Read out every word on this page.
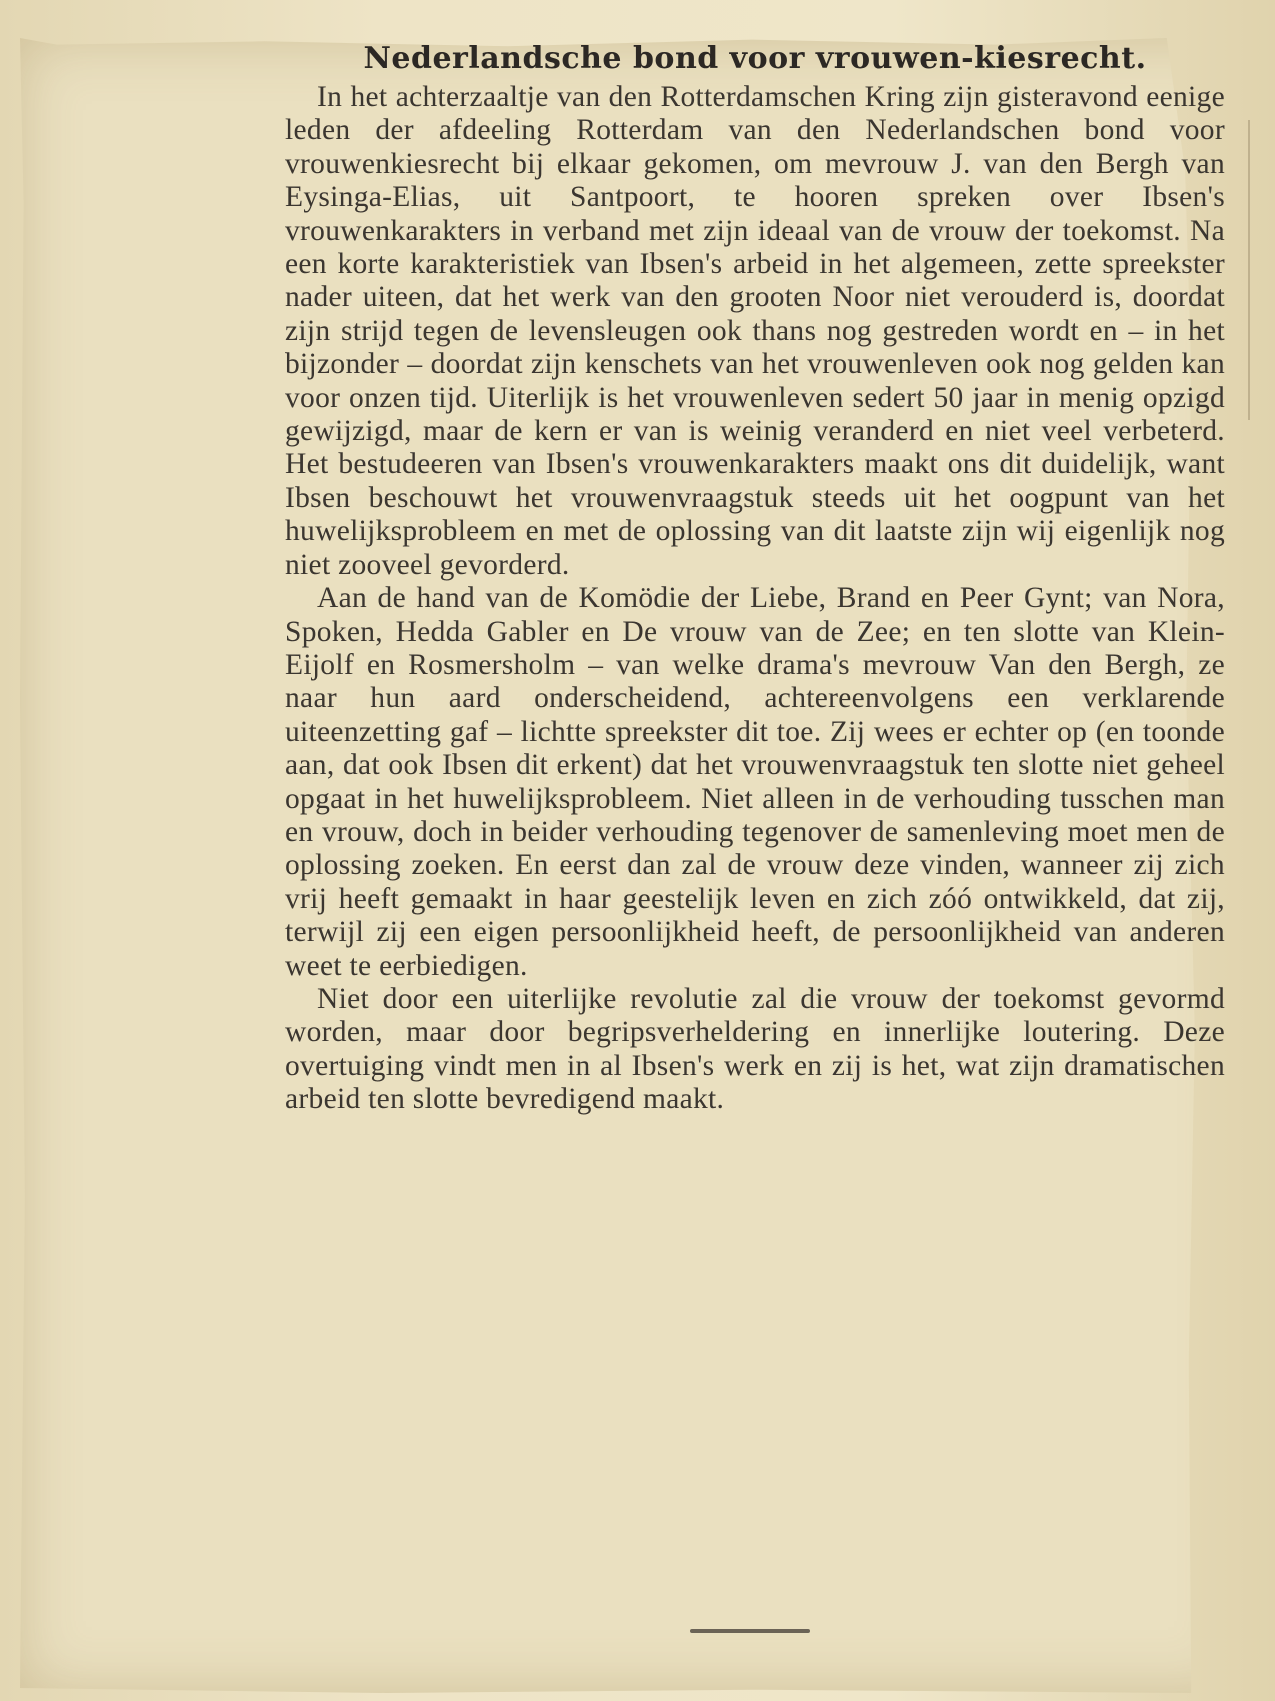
Nederlandsche bond voor vrouwen-kiesrecht.

In het achterzaaltje van den Rotterdamschen Kring zijn gisteravond eenige leden der afdeeling Rotterdam van den Nederlandschen bond voor vrouwenkiesrecht bij elkaar gekomen, om mevrouw J. van den Bergh van Eysinga-Elias, uit Santpoort, te hooren spreken over Ibsen's vrouwenkarakters in verband met zijn ideaal van de vrouw der toekomst. Na een korte karakteristiek van Ibsen's arbeid in het algemeen, zette spreekster nader uiteen, dat het werk van den grooten Noor niet verouderd is, doordat zijn strijd tegen de levensleugen ook thans nog gestreden wordt en – in het bijzonder – doordat zijn kenschets van het vrouwenleven ook nog gelden kan voor onzen tijd. Uiterlijk is het vrouwenleven sedert 50 jaar in menig opzigd gewijzigd, maar de kern er van is weinig veranderd en niet veel verbeterd. Het bestudeeren van Ibsen's vrouwenkarakters maakt ons dit duidelijk, want Ibsen beschouwt het vrouwenvraagstuk steeds uit het oogpunt van het huwelijksprobleem en met de oplossing van dit laatste zijn wij eigenlijk nog niet zooveel gevorderd.

Aan de hand van de Komödie der Liebe, Brand en Peer Gynt; van Nora, Spoken, Hedda Gabler en De vrouw van de Zee; en ten slotte van Klein-Eijolf en Rosmersholm – van welke drama's mevrouw Van den Bergh, ze naar hun aard onderscheidend, achtereenvolgens een verklarende uiteenzetting gaf – lichtte spreekster dit toe. Zij wees er echter op (en toonde aan, dat ook Ibsen dit erkent) dat het vrouwenvraagstuk ten slotte niet geheel opgaat in het huwelijksprobleem. Niet alleen in de verhouding tusschen man en vrouw, doch in beider verhouding tegenover de samenleving moet men de oplossing zoeken. En eerst dan zal de vrouw deze vinden, wanneer zij zich vrij heeft gemaakt in haar geestelijk leven en zich zóó ontwikkeld, dat zij, terwijl zij een eigen persoonlijkheid heeft, de persoonlijkheid van anderen weet te eerbiedigen.

Niet door een uiterlijke revolutie zal die vrouw der toekomst gevormd worden, maar door begripsverheldering en innerlijke loutering. Deze overtuiging vindt men in al Ibsen's werk en zij is het, wat zijn dramatischen arbeid ten slotte bevredigend maakt.
